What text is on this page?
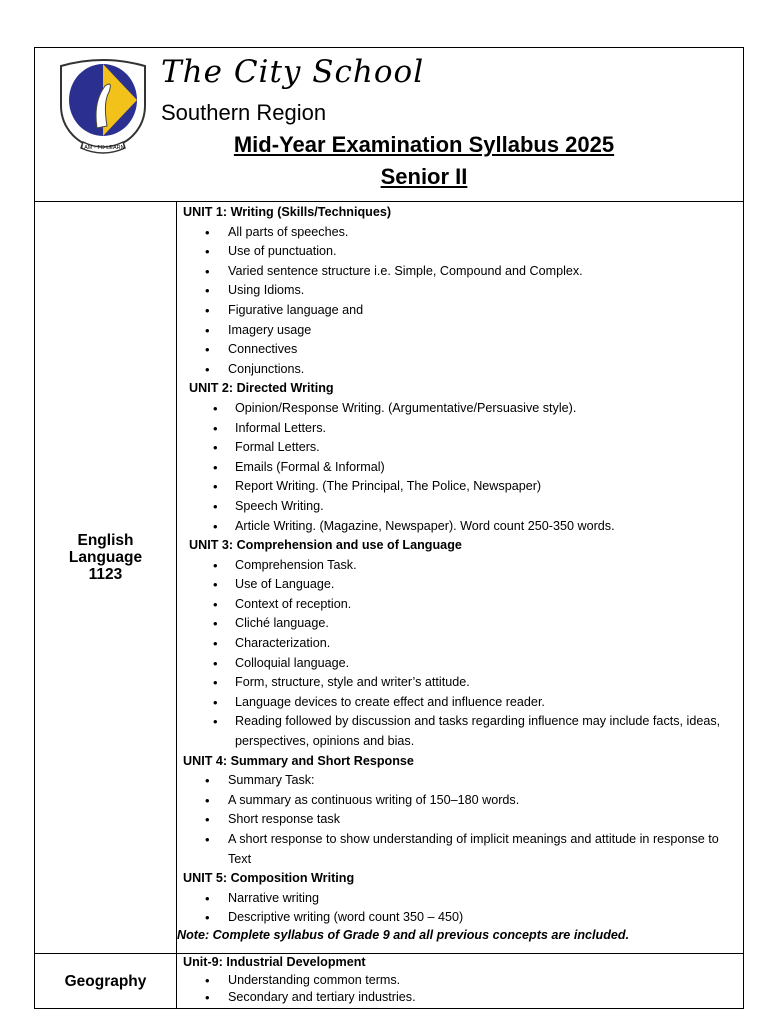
I AM - TO LEARN
The City School
Southern Region
Mid-Year Examination Syllabus 2025
Senior II
English
Language
1123
UNIT 1: Writing (Skills/Techniques)
• All parts of speeches.
• Use of punctuation.
• Varied sentence structure i.e. Simple, Compound and Complex.
• Using Idioms.
• Figurative language and
• Imagery usage
• Connectives
• Conjunctions.
UNIT 2: Directed Writing
• Opinion/Response Writing. (Argumentative/Persuasive style).
• Informal Letters.
• Formal Letters.
• Emails (Formal & Informal)
• Report Writing. (The Principal, The Police, Newspaper)
• Speech Writing.
• Article Writing. (Magazine, Newspaper). Word count 250-350 words.
UNIT 3: Comprehension and use of Language
• Comprehension Task.
• Use of Language.
• Context of reception.
• Cliché language.
• Characterization.
• Colloquial language.
• Form, structure, style and writer’s attitude.
• Language devices to create effect and influence reader.
• Reading followed by discussion and tasks regarding influence may include facts, ideas, perspectives, opinions and bias.
UNIT 4: Summary and Short Response
• Summary Task:
• A summary as continuous writing of 150–180 words.
• Short response task
• A short response to show understanding of implicit meanings and attitude in response to Text
UNIT 5: Composition Writing
• Narrative writing
• Descriptive writing (word count 350 – 450)
Note: Complete syllabus of Grade 9 and all previous concepts are included.
Geography
Unit-9: Industrial Development
• Understanding common terms.
• Secondary and tertiary industries.
